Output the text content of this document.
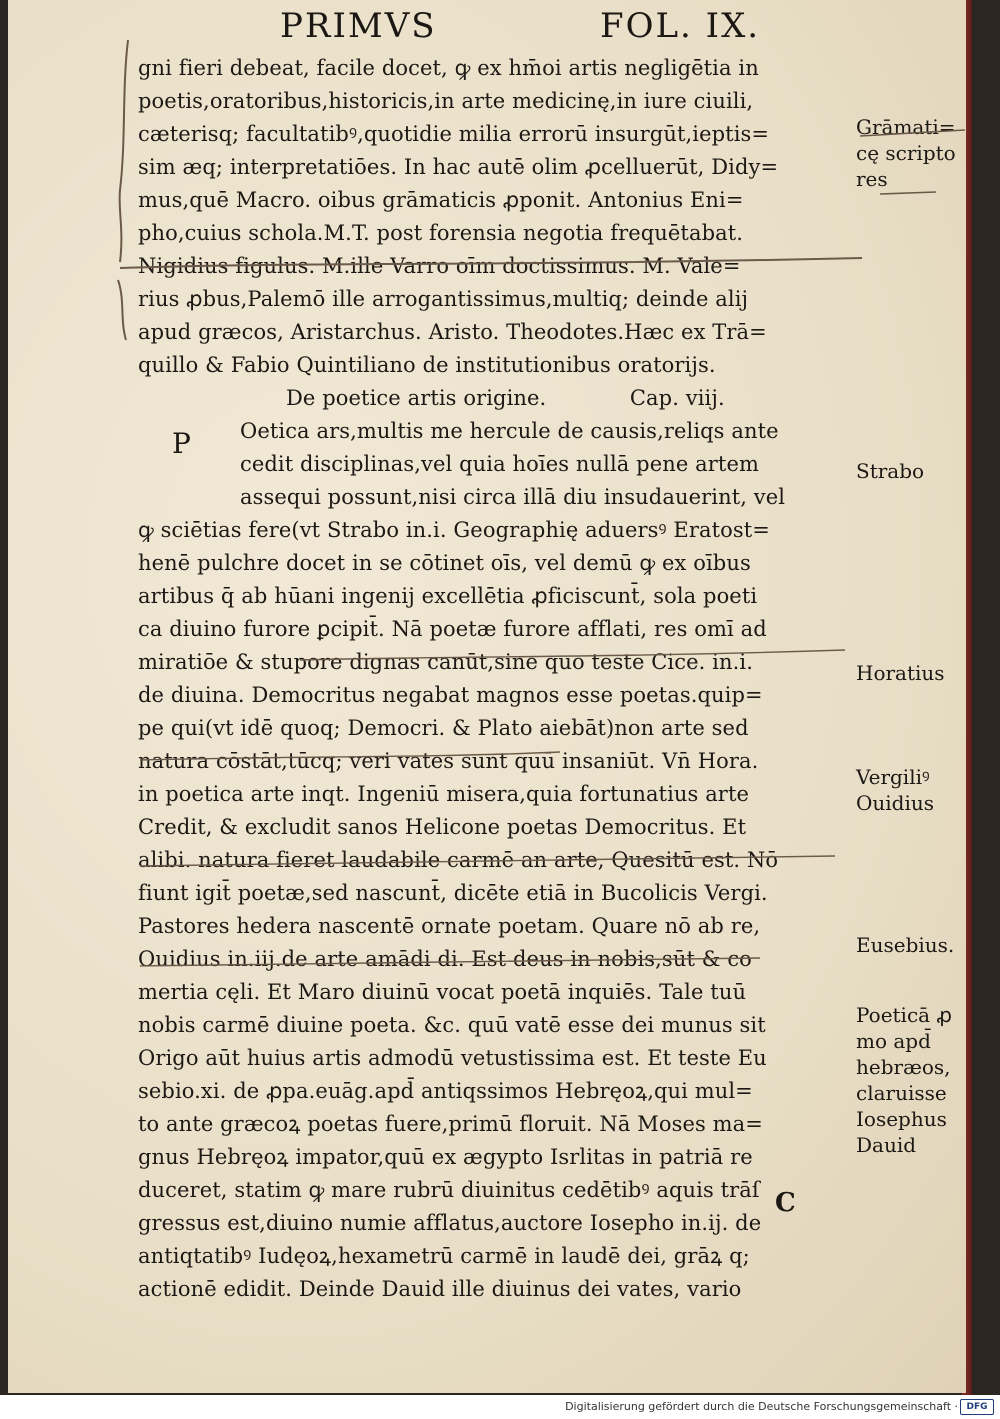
PRIMVS	FOL. IX.
gni fieri debeat, facile docet, ꝙ ex hm̄oi artis negligētia in
poetis,oratoribus,historicis,in arte medicinę,in iure ciuili,
cæterisq; facultatibꝰ,quotidie milia errorū insurgūt,ieptis=
sim æq; interpretatiōes. In hac autē olim ꝓcelluerūt, Didy=
mus,quē Macro. oibus grāmaticis ꝓponit. Antonius Eni=
pho,cuius schola.M.T. post forensia negotia frequētabat.
Nigidius figulus. M.ille Varro oīm doctissimus. M. Vale=
rius ꝓbus,Palemō ille arrogantissimus,multiq; deinde alij
apud græcos, Aristarchus. Aristo. Theodotes.Hæc ex Trā=
quillo & Fabio Quintiliano de institutionibus oratorijs.
De poetice artis origine.	Cap. viij.
Oetica ars,multis me hercule de causis,reliqs ante
cedit disciplinas,vel quia hoīes nullā pene artem
assequi possunt,nisi circa illā diu insudauerint, vel
ꝙ sciētias fere(vt Strabo in.i. Geographię aduersꝰ Eratost=
henē pulchre docet in se cōtinet oīs, vel demū ꝙ ex oībus
artibus q̄ ab hūani ingenij excellētia ꝓficiscunt̄, sola poeti
ca diuino furore ꝑcipit̄. Nā poetæ furore afflati, res omī ad
miratiōe & stupore dignas canūt,sine quo teste Cice. in.i.
de diuina. Democritus negabat magnos esse poetas.quip=
pe qui(vt idē quoq; Democri. & Plato aiebāt)non arte sed
natura cōstāt,tūcq; veri vates sunt quū insaniūt. Vn̄ Hora.
in poetica arte inqt. Ingeniū misera,quia fortunatius arte
Credit, & excludit sanos Helicone poetas Democritus. Et
alibi. natura fieret laudabile carmē an arte, Quesitū est. Nō
fiunt igit̄ poetæ,sed nascunt̄, dicēte etiā in Bucolicis Vergi.
Pastores hedera nascentē ornate poetam. Quare nō ab re,
Ouidius in.iij.de arte amādi di. Est deus in nobis,sūt & co
mertia cęli. Et Maro diuinū vocat poetā inquiēs. Tale tuū
nobis carmē diuine poeta. &c. quū vatē esse dei munus sit
Origo aūt huius artis admodū vetustissima est. Et teste Eu
sebio.xi. de ꝓpa.euāg.apd̄ antiqssimos Hebręoꝝ,qui mul=
to ante græcoꝝ poetas fuere,primū floruit. Nā Moses ma=
gnus Hebręoꝝ impator,quū ex ægypto Isrlitas in patriā re
duceret, statim ꝙ mare rubrū diuinitus cedētibꝰ aquis trāſ
gressus est,diuino numie afflatus,auctore Iosepho in.ij. de
antiqtatibꝰ Iudęoꝝ,hexametrū carmē in laudē dei, grāꝝ q;
actionē edidit. Deinde Dauid ille diuinus dei vates, vario
P
Grāmati=
cę scripto
res
Strabo
Horatius
Vergiliꝰ
Ouidius
Eusebius.
Poeticā ꝓ
mo apd̄
hebræos,
claruisse
Iosephus
Dauid
C
Digitalisierung gefördert durch die Deutsche Forschungsgemeinschaft · DFG
